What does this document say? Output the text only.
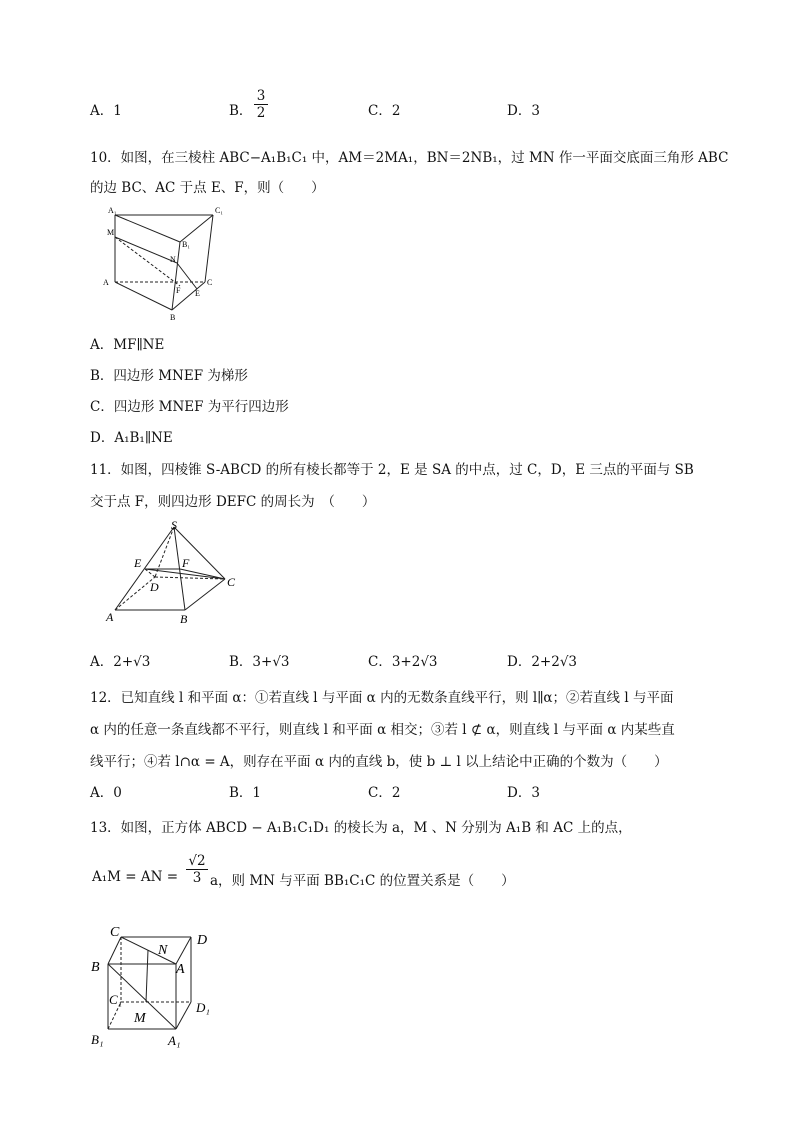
A．1	B． $\frac{3}{2}$	C．2	D．3
10．如图，在三棱柱 ABC−A₁B₁C₁ 中，AM＝2MA₁，BN＝2NB₁，过 MN 作一平面交底面三角形 ABC
的边 BC、AC 于点 E、F，则（　　）
A₁	C₁
M
B₁
N
A
F
C
E
B
A．MF∥NE
B．四边形 MNEF 为梯形
C．四边形 MNEF 为平行四边形
D．A₁B₁∥NE
11．如图，四棱锥 S-ABCD 的所有棱长都等于 2，E 是 SA 的中点，过 C，D，E 三点的平面与 SB
交于点 F，则四边形 DEFC 的周长为　（　　）
S
E	F
D	C
A	B
A．2+√3	B．3+√3	C．3+2√3	D．2+2√3
12．已知直线 l 和平面 α：①若直线 l 与平面 α 内的无数条直线平行，则 l∥α；②若直线 l 与平面
α 内的任意一条直线都不平行，则直线 l 和平面 α 相交；③若 l ⊄ α，则直线 l 与平面 α 内某些直
线平行；④若 l∩α = A，则存在平面 α 内的直线 b，使 b ⊥ l 以上结论中正确的个数为（　　）
A．0	B．1	C．2	D．3
13．如图，正方体 ABCD − A₁B₁C₁D₁ 的棱长为 a，M 、N 分别为 A₁B 和 AC 上的点，
A₁M = AN = $\frac{√2}{3}$ a，则 MN 与平面 BB₁C₁C 的位置关系是（　　）
C
N
D
B	A
C₁
D₁
M
B₁	A₁
